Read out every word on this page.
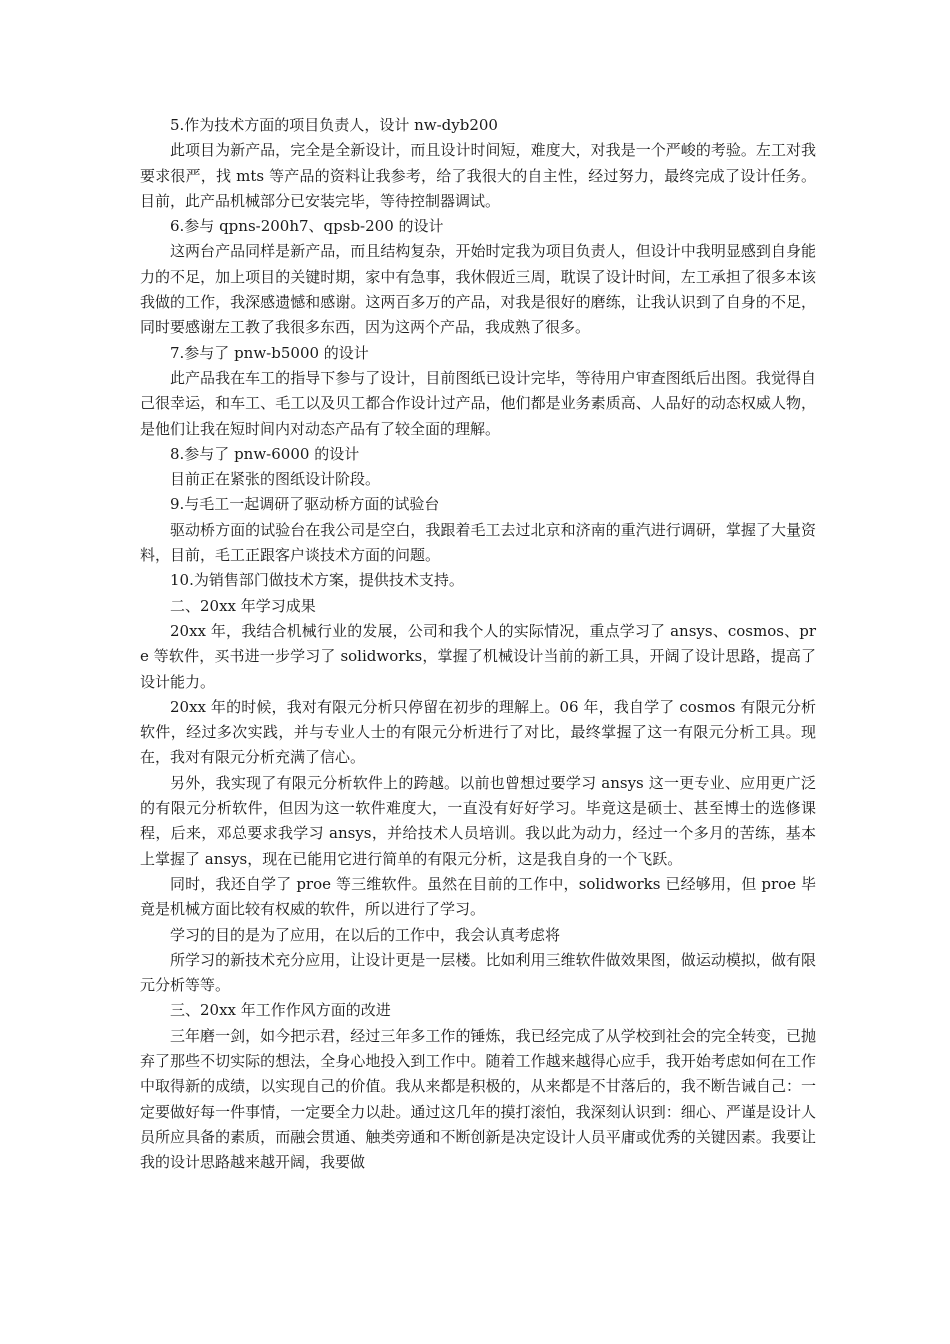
5.作为技术方面的项目负责人，设计 nw-dyb200

此项目为新产品，完全是全新设计，而且设计时间短，难度大，对我是一个严峻的考验。左工对我要求很严，找 mts 等产品的资料让我参考，给了我很大的自主性，经过努力，最终完成了设计任务。目前，此产品机械部分已安装完毕，等待控制器调试。

6.参与 qpns-200h7、qpsb-200 的设计

这两台产品同样是新产品，而且结构复杂，开始时定我为项目负责人，但设计中我明显感到自身能力的不足，加上项目的关键时期，家中有急事，我休假近三周，耽误了设计时间，左工承担了很多本该我做的工作，我深感遗憾和感谢。这两百多万的产品，对我是很好的磨练，让我认识到了自身的不足，同时要感谢左工教了我很多东西，因为这两个产品，我成熟了很多。

7.参与了 pnw-b5000 的设计

此产品我在车工的指导下参与了设计，目前图纸已设计完毕，等待用户审查图纸后出图。我觉得自己很幸运，和车工、毛工以及贝工都合作设计过产品，他们都是业务素质高、人品好的动态权威人物，是他们让我在短时间内对动态产品有了较全面的理解。

8.参与了 pnw-6000 的设计

目前正在紧张的图纸设计阶段。

9.与毛工一起调研了驱动桥方面的试验台

驱动桥方面的试验台在我公司是空白，我跟着毛工去过北京和济南的重汽进行调研，掌握了大量资料，目前，毛工正跟客户谈技术方面的问题。

10.为销售部门做技术方案，提供技术支持。

二、20xx 年学习成果

20xx 年，我结合机械行业的发展，公司和我个人的实际情况，重点学习了 ansys、cosmos、pre 等软件，买书进一步学习了 solidworks，掌握了机械设计当前的新工具，开阔了设计思路，提高了设计能力。

20xx 年的时候，我对有限元分析只停留在初步的理解上。06 年，我自学了 cosmos 有限元分析软件，经过多次实践，并与专业人士的有限元分析进行了对比，最终掌握了这一有限元分析工具。现在，我对有限元分析充满了信心。

另外，我实现了有限元分析软件上的跨越。以前也曾想过要学习 ansys 这一更专业、应用更广泛的有限元分析软件，但因为这一软件难度大，一直没有好好学习。毕竟这是硕士、甚至博士的选修课程，后来，邓总要求我学习 ansys，并给技术人员培训。我以此为动力，经过一个多月的苦练，基本上掌握了 ansys，现在已能用它进行简单的有限元分析，这是我自身的一个飞跃。

同时，我还自学了 proe 等三维软件。虽然在目前的工作中，solidworks 已经够用，但 proe 毕竟是机械方面比较有权威的软件，所以进行了学习。

学习的目的是为了应用，在以后的工作中，我会认真考虑将

所学习的新技术充分应用，让设计更是一层楼。比如利用三维软件做效果图，做运动模拟，做有限元分析等等。

三、20xx 年工作作风方面的改进

三年磨一剑，如今把示君，经过三年多工作的锤炼，我已经完成了从学校到社会的完全转变，已抛弃了那些不切实际的想法，全身心地投入到工作中。随着工作越来越得心应手，我开始考虑如何在工作中取得新的成绩，以实现自己的价值。我从来都是积极的，从来都是不甘落后的，我不断告诫自己：一定要做好每一件事情，一定要全力以赴。通过这几年的摸打滚怕，我深刻认识到：细心、严谨是设计人员所应具备的素质，而融会贯通、触类旁通和不断创新是决定设计人员平庸或优秀的关键因素。我要让我的设计思路越来越开阔，我要做
